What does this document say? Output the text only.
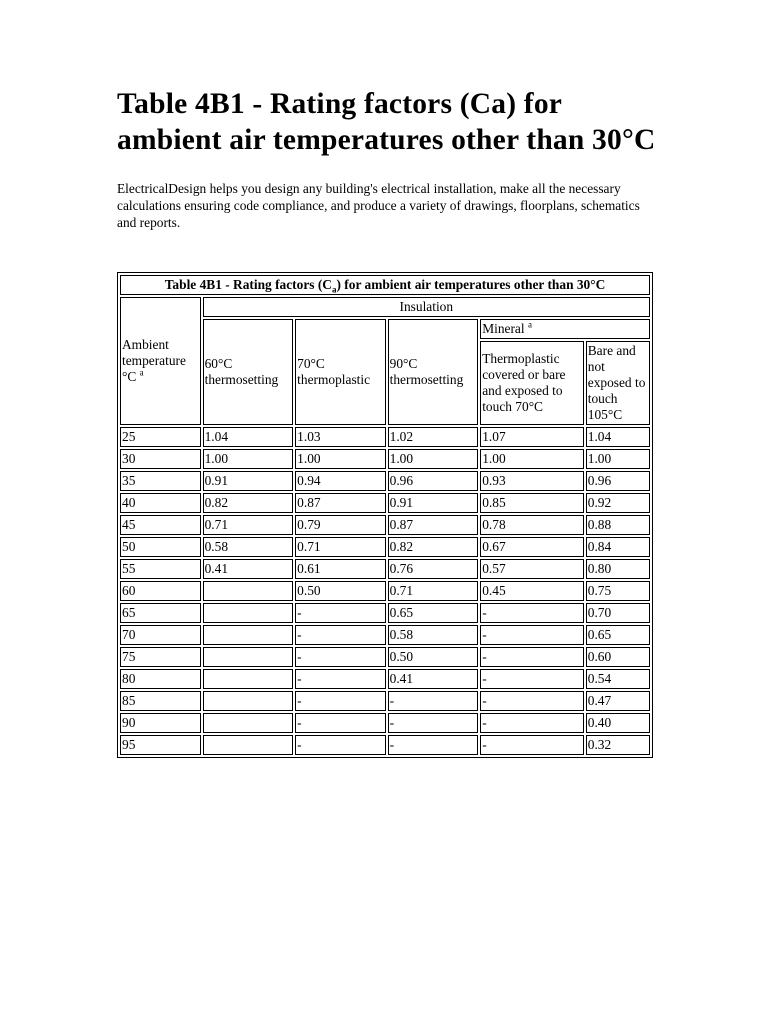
Table 4B1 - Rating factors (Ca) for ambient air temperatures other than 30°C

ElectricalDesign helps you design any building's electrical installation, make all the necessary calculations ensuring code compliance, and produce a variety of drawings, floorplans, schematics and reports.

Table 4B1 - Rating factors $(C_a)$ for ambient air temperatures other than 30°C					
Ambient temperature °C $^a$	Insulation				
	60°C thermosetting	70°C thermoplastic	90°C thermosetting	Mineral $^a$
				Thermoplastic covered or bare and exposed to touch 70°C	Bare and not exposed to touch 105°C
25	1.04	1.03	1.02	1.07	1.04
30	1.00	1.00	1.00	1.00	1.00
35	0.91	0.94	0.96	0.93	0.96
40	0.82	0.87	0.91	0.85	0.92
45	0.71	0.79	0.87	0.78	0.88
50	0.58	0.71	0.82	0.67	0.84
55	0.41	0.61	0.76	0.57	0.80
60		0.50	0.71	0.45	0.75
65		-	0.65	-	0.70
70		-	0.58	-	0.65
75		-	0.50	-	0.60
80		-	0.41	-	0.54
85		-	-	-	0.47
90		-	-	-	0.40
95		-	-	-	0.32
